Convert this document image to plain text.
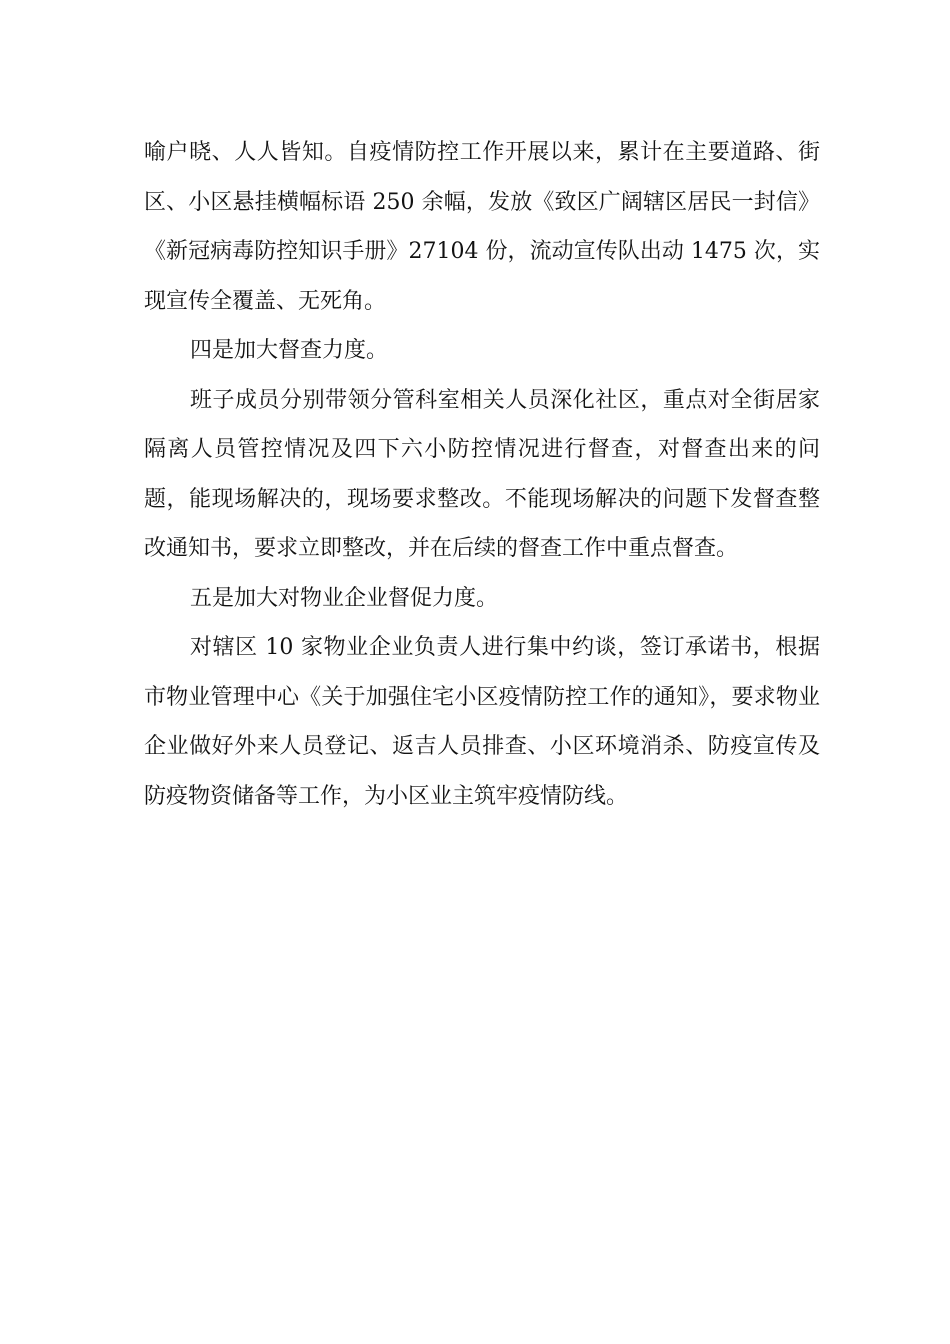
喻户晓、人人皆知。自疫情防控工作开展以来，累计在主要道路、街区、小区悬挂横幅标语 250 余幅，发放《致区广阔辖区居民一封信》《新冠病毒防控知识手册》27104 份，流动宣传队出动 1475 次，实现宣传全覆盖、无死角。

四是加大督查力度。

班子成员分别带领分管科室相关人员深化社区，重点对全街居家隔离人员管控情况及四下六小防控情况进行督查，对督查出来的问题，能现场解决的，现场要求整改。不能现场解决的问题下发督查整改通知书，要求立即整改，并在后续的督查工作中重点督查。

五是加大对物业企业督促力度。

对辖区 10 家物业企业负责人进行集中约谈，签订承诺书，根据市物业管理中心《关于加强住宅小区疫情防控工作的通知》，要求物业企业做好外来人员登记、返吉人员排查、小区环境消杀、防疫宣传及防疫物资储备等工作，为小区业主筑牢疫情防线。
